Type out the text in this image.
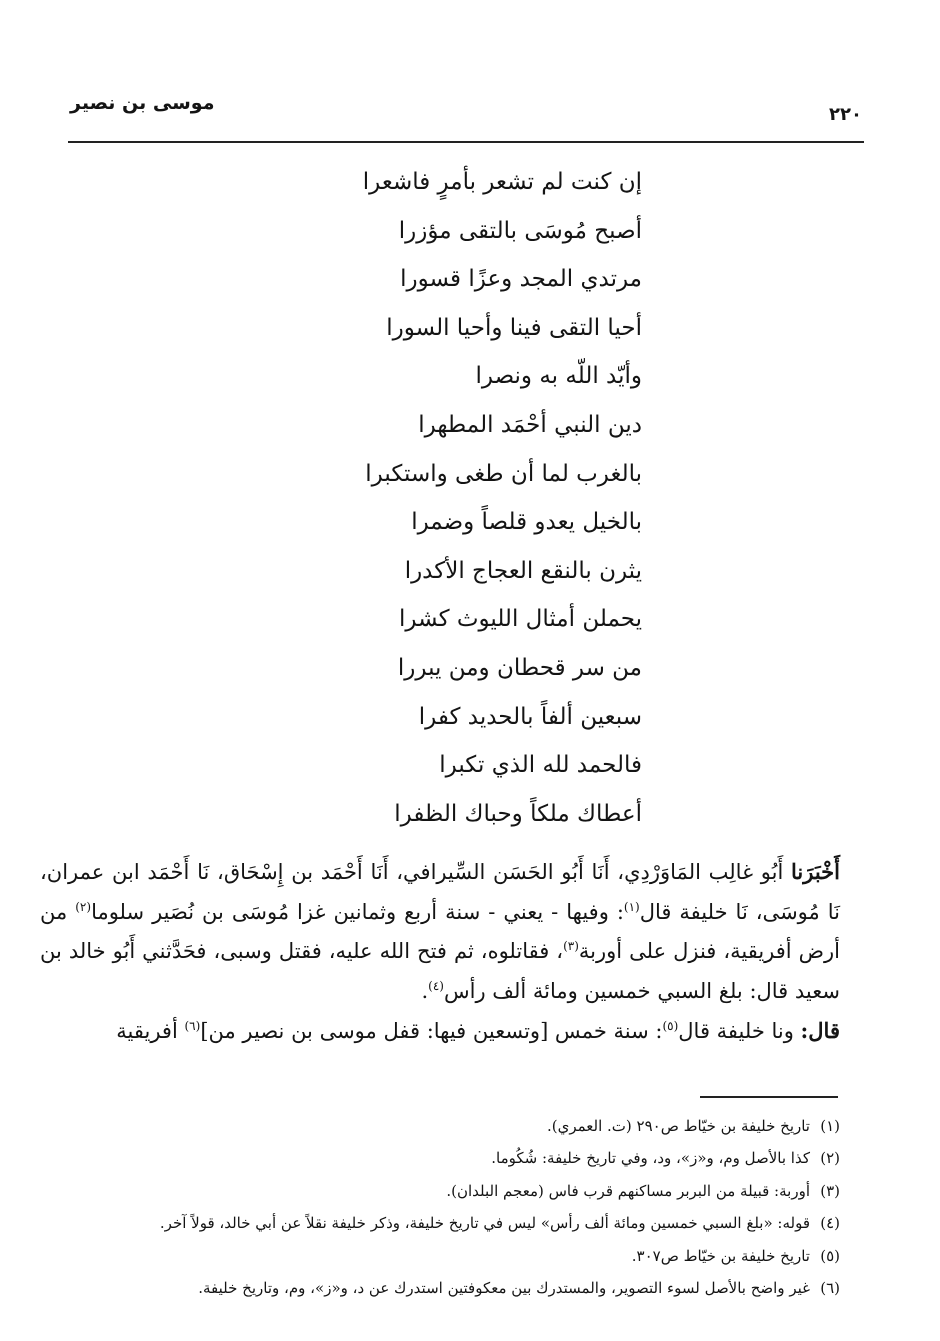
موسى بن نصير
٢٢٠
إن كنت لم تشعر بأمرٍ فاشعرا
أصبح مُوسَى بالتقى مؤزرا
مرتدي المجد وعزًا قسورا
أحيا التقى فينا وأحيا السورا
وأيّد اللّه به ونصرا
دين النبي أحْمَد المطهرا
بالغرب لما أن طغى واستكبرا
بالخيل يعدو قلصاً وضمرا
يثرن بالنقع العجاج الأكدرا
يحملن أمثال الليوث كشرا
من سر قحطان ومن يبررا
سبعين ألفاً بالحديد كفرا
فالحمد لله الذي تكبرا
أعطاك ملكاً وحباك الظفرا

أَخْبَرَنا أَبُو غالِب المَاوَرْدِي، أَنَا أَبُو الحَسَن السِّيرافي، أَنَا أَحْمَد بن إِسْحَاق، نَا أَحْمَد ابن عمران، نَا مُوسَى، نَا خليفة قال$^{(١)}$: وفيها - يعني - سنة أربع وثمانين غزا مُوسَى بن نُصَير سلوما$^{(٢)}$ من أرض أفريقية، فنزل على أوربة$^{(٣)}$، فقاتلوه، ثم فتح الله عليه، فقتل وسبى، فحَدَّثني أَبُو خالد بن سعيد قال: بلغ السبي خمسين ومائة ألف رأس$^{(٤)}$.

قال: ونا خليفة قال$^{(٥)}$: سنة خمس [وتسعين فيها: قفل موسى بن نصير من]$^{(٦)}$ أفريقية

(١)تاريخ خليفة بن خيّاط ص٢٩٠ (ت. العمري).
(٢)كذا بالأصل وم، و«ز»، ود، وفي تاريخ خليفة: شُكُوما.
(٣)أوربة: قبيلة من البربر مساكنهم قرب فاس (معجم البلدان).
(٤)قوله: «بلغ السبي خمسين ومائة ألف رأس» ليس في تاريخ خليفة، وذكر خليفة نقلاً عن أبي خالد، قولاً آخر.
(٥)تاريخ خليفة بن خيّاط ص٣٠٧.
(٦)غير واضح بالأصل لسوء التصوير، والمستدرك بين معكوفتين استدرك عن د، و«ز»، وم، وتاريخ خليفة.
